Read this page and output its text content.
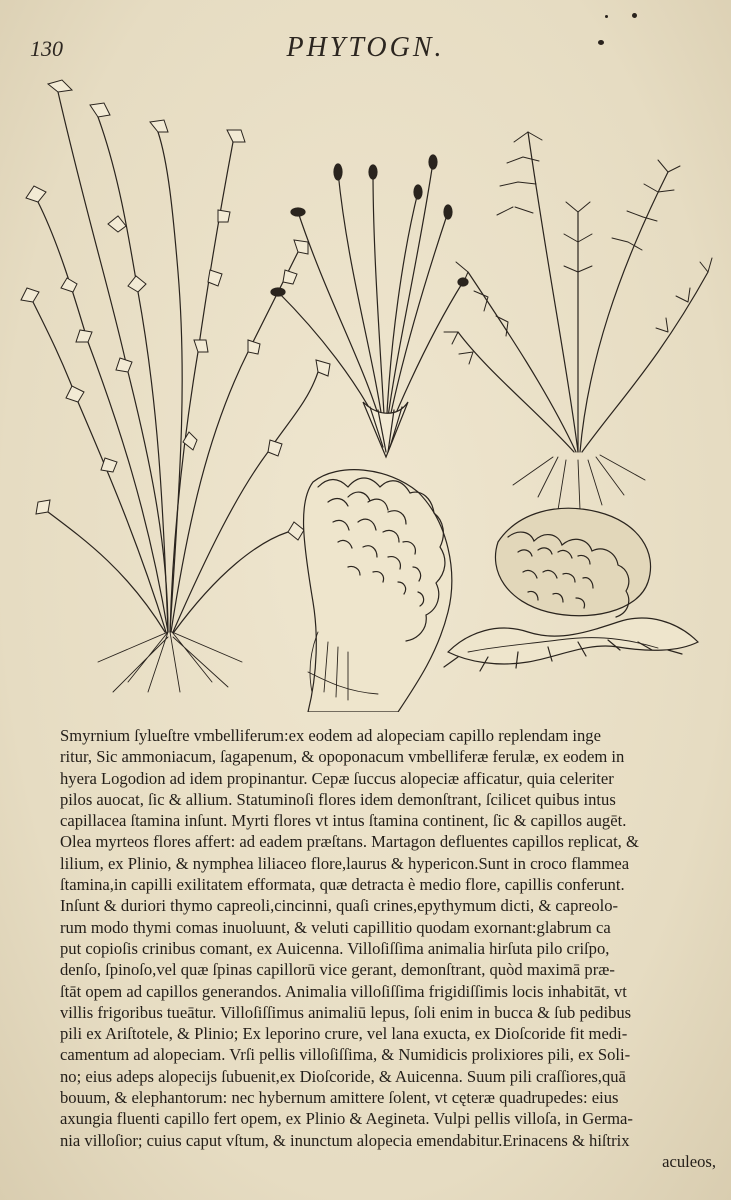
130	PHYTOGN.
Smyrnium ſylueſtre vmbelliferum:ex eodem ad alopeciam capillo replendam inge
ritur, Sic ammoniacum, ſagapenum, & opoponacum vmbelliferæ ferulæ, ex eodem in
hyera Logodion ad idem propinantur. Cepæ ſuccus alopeciæ afficatur, quia celeriter
pilos auocat, ſic & allium. Statuminoſi flores idem demonſtrant, ſcilicet quibus intus
capillacea ſtamina inſunt. Myrti flores vt intus ſtamina continent, ſic & capillos augēt.
Olea myrteos flores affert: ad eadem præſtans. Martagon defluentes capillos replicat, &
lilium, ex Plinio, & nymphea liliaceo flore,laurus & hypericon.Sunt in croco flammea
ſtamina,in capilli exilitatem efformata, quæ detracta è medio flore, capillis conferunt.
Inſunt & duriori thymo capreoli,cincinni, quaſi crines,epythymum dicti, & capreolo-
rum modo thymi comas inuoluunt, & veluti capillitio quodam exornant:glabrum ca
put copioſis crinibus comant, ex Auicenna. Villoſiſſima animalia hirſuta pilo criſpo,
denſo, ſpinoſo,vel quæ ſpinas capillorū vice gerant, demonſtrant, quòd maximā præ-
ſtāt opem ad capillos generandos. Animalia villoſiſſima frigidiſſimis locis inhabitāt, vt
villis frigoribus tueātur. Villoſiſſimus animaliū lepus, ſoli enim in bucca & ſub pedibus
pili ex Ariſtotele, & Plinio; Ex leporino crure, vel lana exucta, ex Dioſcoride fit medi-
camentum ad alopeciam. Vrſi pellis villoſiſſima, & Numidicis prolixiores pili, ex Soli-
no; eius adeps alopecijs ſubuenit,ex Dioſcoride, & Auicenna. Suum pili craſſiores,quā
bouum, & elephantorum: nec hybernum amittere ſolent, vt cęteræ quadrupedes: eius
axungia fluenti capillo fert opem, ex Plinio & Aegineta. Vulpi pellis villoſa, in Germa-
nia villoſior; cuius caput vſtum, & inunctum alopecia emendabitur.Erinacens & hiſtrix
aculeos,
